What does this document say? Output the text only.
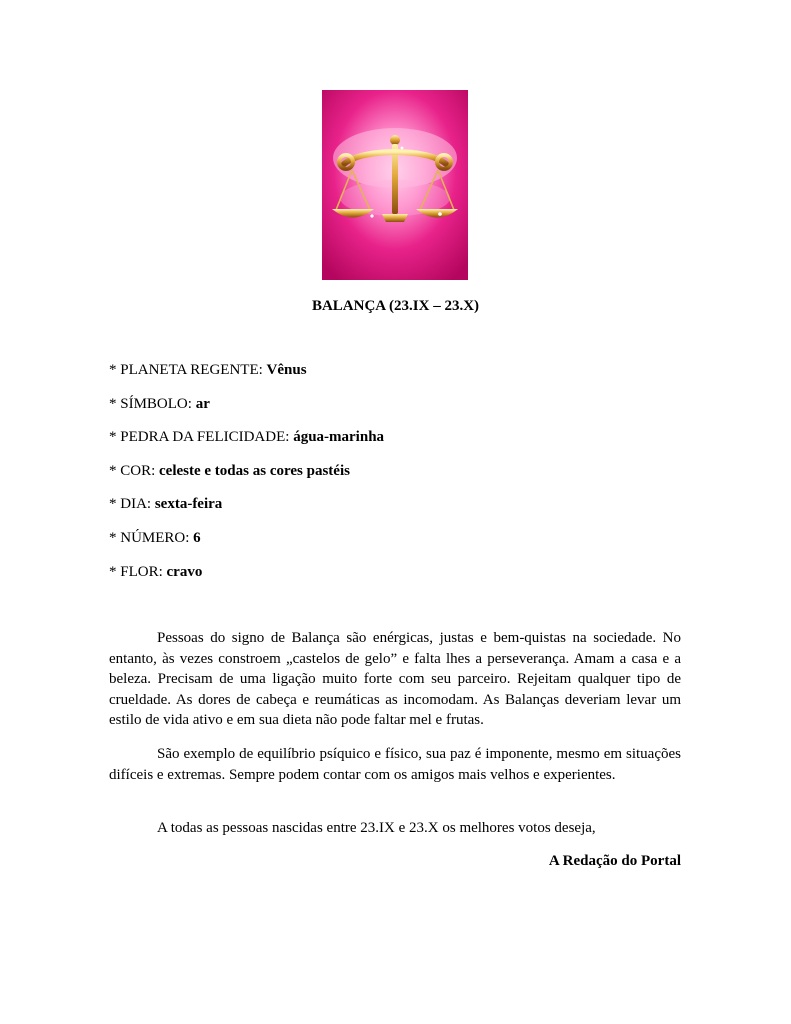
BALANÇA (23.IX – 23.X)
* PLANETA REGENTE: Vênus
* SÍMBOLO: ar
* PEDRA DA FELICIDADE: água-marinha
* COR: celeste e todas as cores pastéis
* DIA: sexta-feira
* NÚMERO: 6
* FLOR: cravo
Pessoas do signo de Balança são enérgicas, justas e bem-quistas na sociedade. No entanto, às vezes constroem „castelos de gelo” e falta lhes a perseverança. Amam a casa e a beleza. Precisam de uma ligação muito forte com seu parceiro. Rejeitam qualquer tipo de crueldade. As dores de cabeça e reumáticas as incomodam. As Balanças deveriam levar um estilo de vida ativo e em sua dieta não pode faltar mel e frutas.
São exemplo de equilíbrio psíquico e físico, sua paz é imponente, mesmo em situações difíceis e extremas. Sempre podem contar com os amigos mais velhos e experientes.
A todas as pessoas nascidas entre 23.IX e 23.X os melhores votos deseja,
A Redação do Portal
